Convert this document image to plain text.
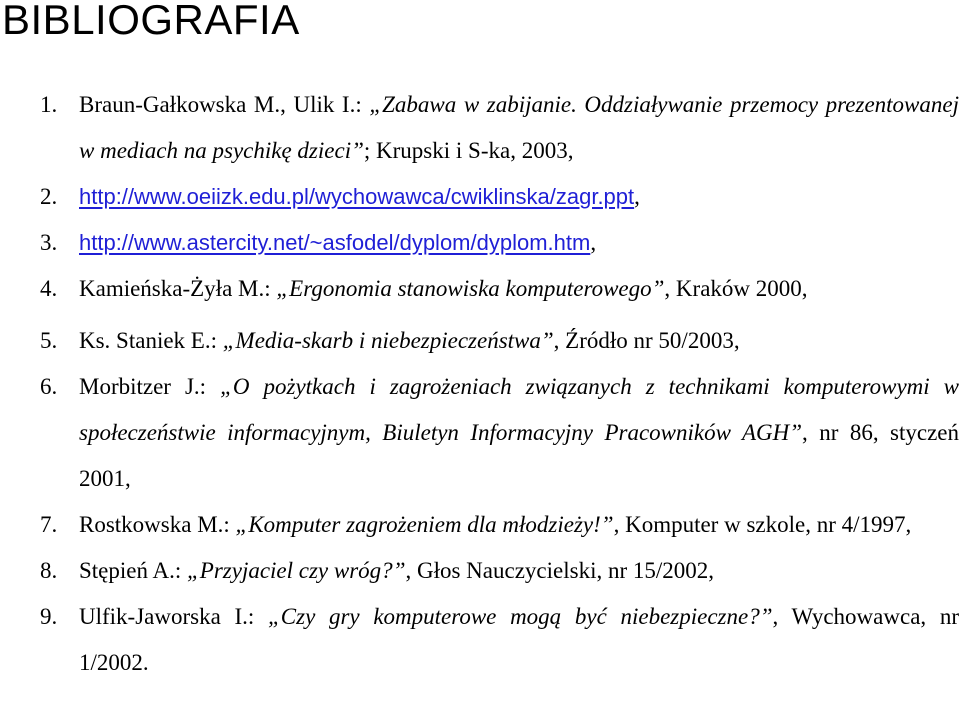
BIBLIOGRAFIA
1. Braun-Gałkowska M., Ulik I.: „Zabawa w zabijanie. Oddziaływanie przemocy prezentowanej w mediach na psychikę dzieci”; Krupski i S-ka, 2003,
2. http://www.oeiizk.edu.pl/wychowawca/cwiklinska/zagr.ppt,
3. http://www.astercity.net/~asfodel/dyplom/dyplom.htm,
4. Kamieńska-Żyła M.: „Ergonomia stanowiska komputerowego”, Kraków 2000,
5. Ks. Staniek E.: „Media-skarb i niebezpieczeństwa”, Źródło nr 50/2003,
6. Morbitzer J.: „O pożytkach i zagrożeniach związanych z technikami komputerowymi w społeczeństwie informacyjnym, Biuletyn Informacyjny Pracowników AGH”, nr 86, styczeń 2001,
7. Rostkowska M.: „Komputer zagrożeniem dla młodzieży!”, Komputer w szkole, nr 4/1997,
8. Stępień A.: „Przyjaciel czy wróg?”, Głos Nauczycielski, nr 15/2002,
9. Ulfik-Jaworska I.: „Czy gry komputerowe mogą być niebezpieczne?”, Wychowawca, nr 1/2002.
